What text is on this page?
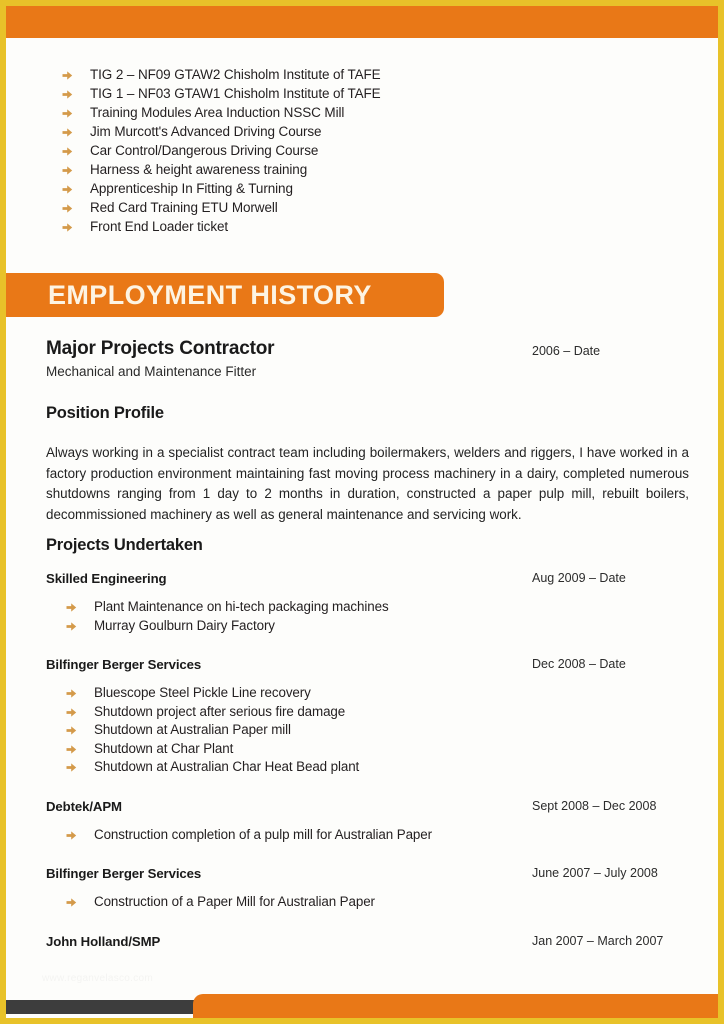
TIG 2 – NF09 GTAW2 Chisholm Institute of TAFE
TIG 1 – NF03 GTAW1 Chisholm Institute of TAFE
Training Modules Area Induction NSSC Mill
Jim Murcott's Advanced Driving Course
Car Control/Dangerous Driving Course
Harness & height awareness training
Apprenticeship In Fitting & Turning
Red Card Training ETU Morwell
Front End Loader ticket
EMPLOYMENT HISTORY
Major Projects Contractor	2006 – Date
Mechanical and Maintenance Fitter
Position Profile
Always working in a specialist contract team including boilermakers, welders and riggers, I have worked in a factory production environment maintaining fast moving process machinery in a dairy, completed numerous shutdowns ranging from 1 day to 2 months in duration, constructed a paper pulp mill, rebuilt boilers, decommissioned machinery as well as general maintenance and servicing work.
Projects Undertaken
Skilled Engineering	Aug 2009 – Date
Plant Maintenance on hi-tech packaging machines
Murray Goulburn Dairy Factory
Bilfinger Berger Services	Dec 2008 – Date
Bluescope Steel Pickle Line recovery
Shutdown project after serious fire damage
Shutdown at Australian Paper mill
Shutdown at Char Plant
Shutdown at Australian Char Heat Bead plant
Debtek/APM	Sept 2008 – Dec 2008
Construction completion of a pulp mill for Australian Paper
Bilfinger Berger Services	June 2007 – July 2008
Construction of a Paper Mill for Australian Paper
John Holland/SMP	Jan 2007 – March 2007
www.reganvelasco.com
